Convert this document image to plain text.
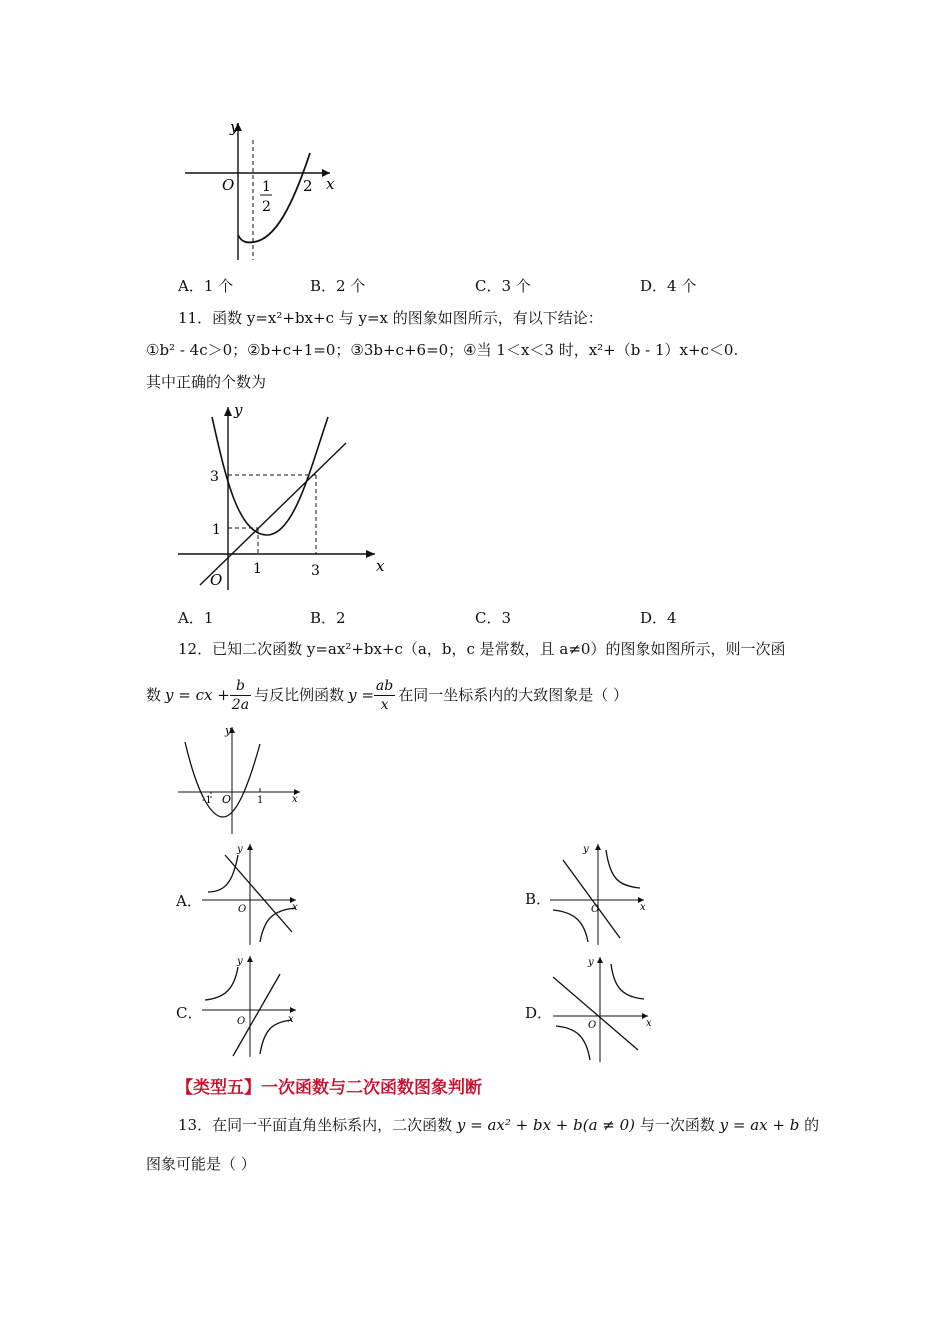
y
x
O 1
2
2
A．1 个	B．2 个	C．3 个	D．4 个
11．函数 y=x²+bx+c 与 y=x 的图象如图所示，有以下结论：
①b² - 4c＞0；②b+c+1=0；③3b+c+6=0；④当 1＜x＜3 时，x²+（b - 1）x+c＜0.
其中正确的个数为
y
x
O
3
1
1	3
A．1	B．2	C．3	D．4
12．已知二次函数 y=ax²+bx+c（a，b，c 是常数，且 a≠0）的图象如图所示，则一次函
数 y = cx + $\frac{b}{2a}$ 与反比例函数 $y = \frac{ab}{x}$ 在同一坐标系内的大致图象是（ ）
y
x
O
-1	1
A．
y
x
O
B．
y
x
O
C．
y
x
O	D．
y
x
O
【类型五】一次函数与二次函数图象判断
13．在同一平面直角坐标系内，二次函数 y = ax² + bx + b(a ≠ 0) 与一次函数 y = ax + b 的
图象可能是（ ）
